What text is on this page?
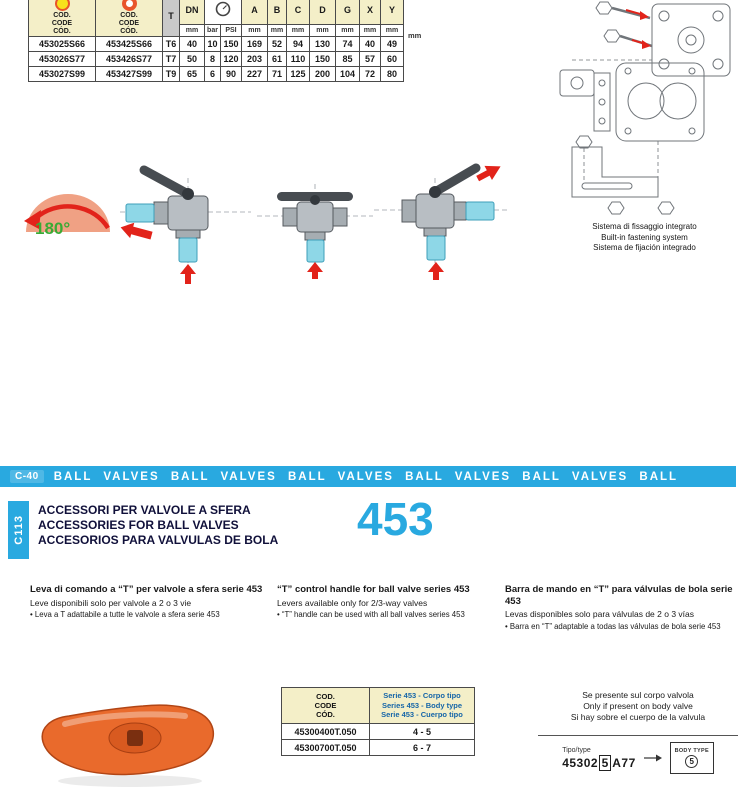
COD.
CODE
CÓD.	COD.
CODE
CÓD.	T	DN			A	B	C	D	G	X	Y
			mm	bar	PSI	mm	mm	mm	mm	mm	mm	mm
453025S66	453425S66	T6	40	10	150	169	52	94	130	74	40	49
453026S77	453426S77	T7	50	8	120	203	61	110	150	85	57	60
453027S99	453427S99	T9	65	6	90	227	71	125	200	104	72	80
mm
180°	Sistema di fissaggio integrato
Built-in fastening system
Sistema de fijación integrado
C-40	BALL VALVES BALL VALVES BALL VALVES BALL VALVES BALL VALVES BALL
C113
ACCESSORI PER VALVOLE A SFERA
ACCESSORIES FOR BALL VALVES
ACCESORIOS PARA VALVULAS DE BOLA 453
Leva di comando a “T” per valvole a sfera serie 453
Leve disponibili solo per valvole a 2 o 3 vie
• Leva a T adattabile a tutte le valvole a sfera serie 453
“T” control handle for ball valve series 453
Levers available only for 2/3-way valves
• “T” handle can be used with all ball valves series 453
Barra de mando en “T” para válvulas de bola serie 453
Levas disponibles solo para válvulas de 2 o 3 vías
• Barra en “T” adaptable a todas las válvulas de bola serie 453
COD.
CODE
CÓD.

Serie 453 - Corpo tipo
Series 453 - Body type
Serie 453 - Cuerpo tipo

45300400T.050	4 - 5
45300700T.050	6 - 7
Se presente sul corpo valvola
Only if present on body valve
Si hay sobre el cuerpo de la valvula
Tipo/type
45302 5 A77
BODY TYPE
5
